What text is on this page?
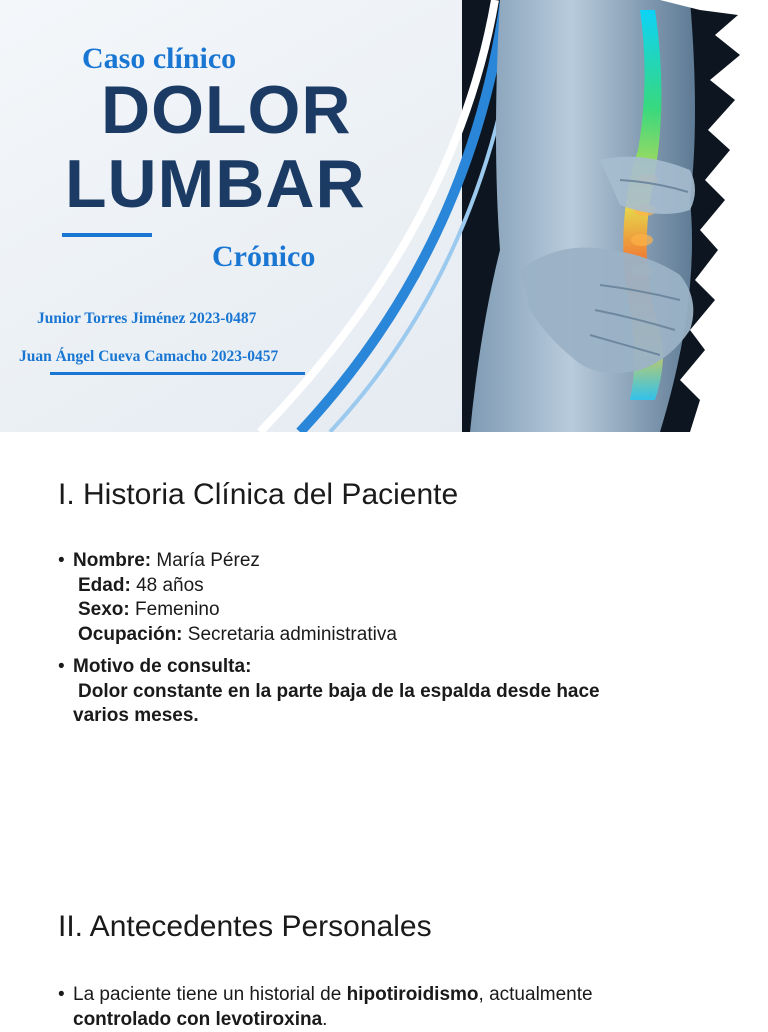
Caso clínico
DOLOR
LUMBAR
Crónico
Junior Torres Jiménez 2023-0487
Juan Ángel Cueva Camacho 2023-0457
I. Historia Clínica del Paciente
• Nombre: María Pérez
Edad: 48 años
Sexo: Femenino
Ocupación: Secretaria administrativa
• Motivo de consulta:
Dolor constante en la parte baja de la espalda desde hace
varios meses.
II. Antecedentes Personales
• La paciente tiene un historial de hipotiroidismo, actualmente
controlado con levotiroxina.
